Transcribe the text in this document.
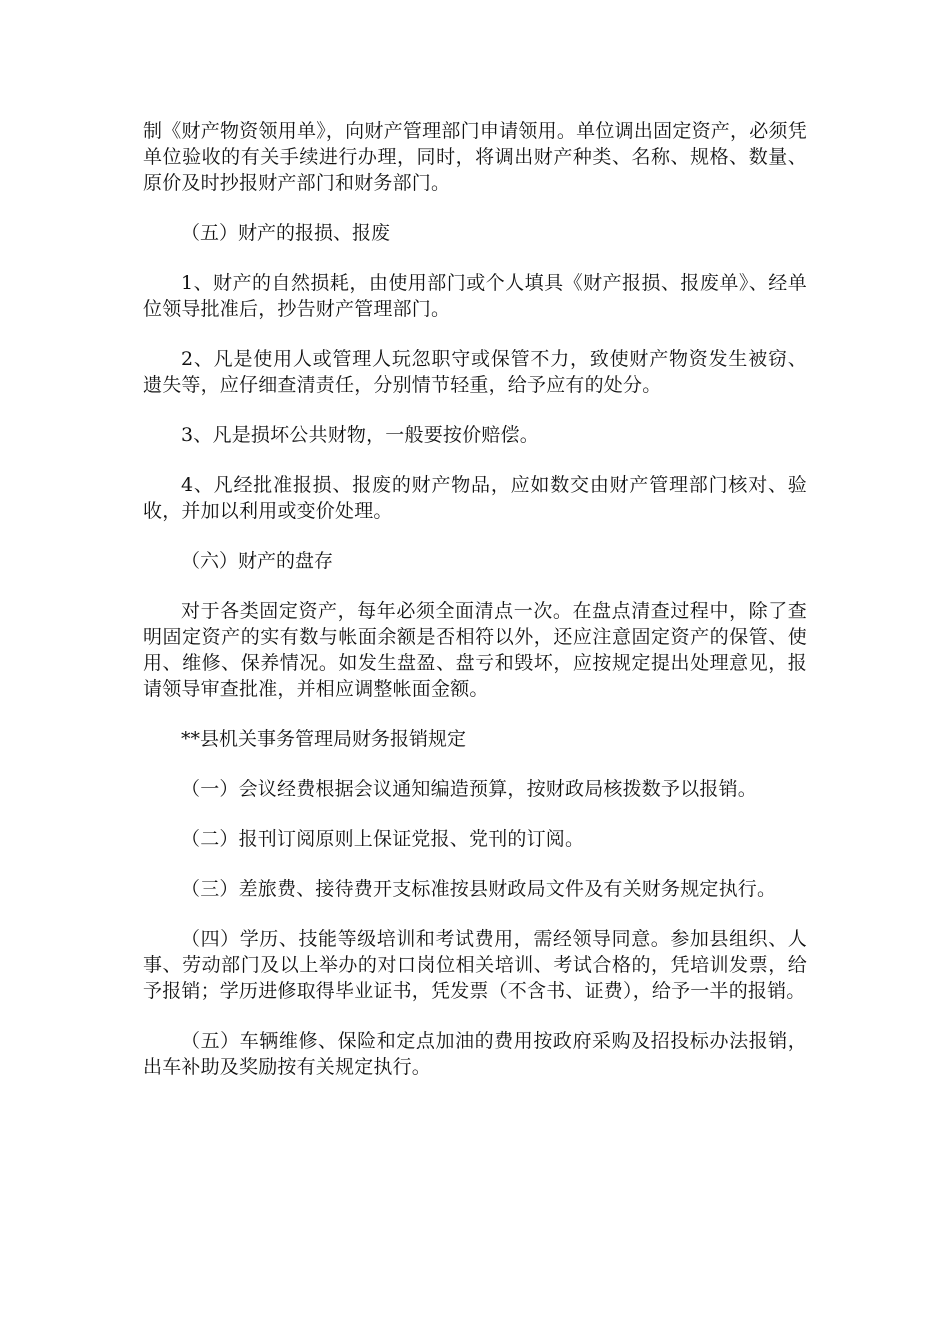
制《财产物资领用单》，向财产管理部门申请领用。单位调出固定资产，必须凭单位验收的有关手续进行办理，同时，将调出财产种类、名称、规格、数量、原价及时抄报财产部门和财务部门。

（五）财产的报损、报废

1、财产的自然损耗，由使用部门或个人填具《财产报损、报废单》、经单位领导批准后，抄告财产管理部门。

2、凡是使用人或管理人玩忽职守或保管不力，致使财产物资发生被窃、遗失等，应仔细查清责任，分别情节轻重，给予应有的处分。

3、凡是损坏公共财物，一般要按价赔偿。

4、凡经批准报损、报废的财产物品，应如数交由财产管理部门核对、验收，并加以利用或变价处理。

（六）财产的盘存

对于各类固定资产，每年必须全面清点一次。在盘点清查过程中，除了查明固定资产的实有数与帐面余额是否相符以外，还应注意固定资产的保管、使用、维修、保养情况。如发生盘盈、盘亏和毁坏，应按规定提出处理意见，报请领导审查批准，并相应调整帐面金额。

**县机关事务管理局财务报销规定

（一）会议经费根据会议通知编造预算，按财政局核拨数予以报销。

（二）报刊订阅原则上保证党报、党刊的订阅。

（三）差旅费、接待费开支标准按县财政局文件及有关财务规定执行。

（四）学历、技能等级培训和考试费用，需经领导同意。参加县组织、人事、劳动部门及以上举办的对口岗位相关培训、考试合格的，凭培训发票，给予报销；学历进修取得毕业证书，凭发票（不含书、证费），给予一半的报销。

（五）车辆维修、保险和定点加油的费用按政府采购及招投标办法报销，出车补助及奖励按有关规定执行。
